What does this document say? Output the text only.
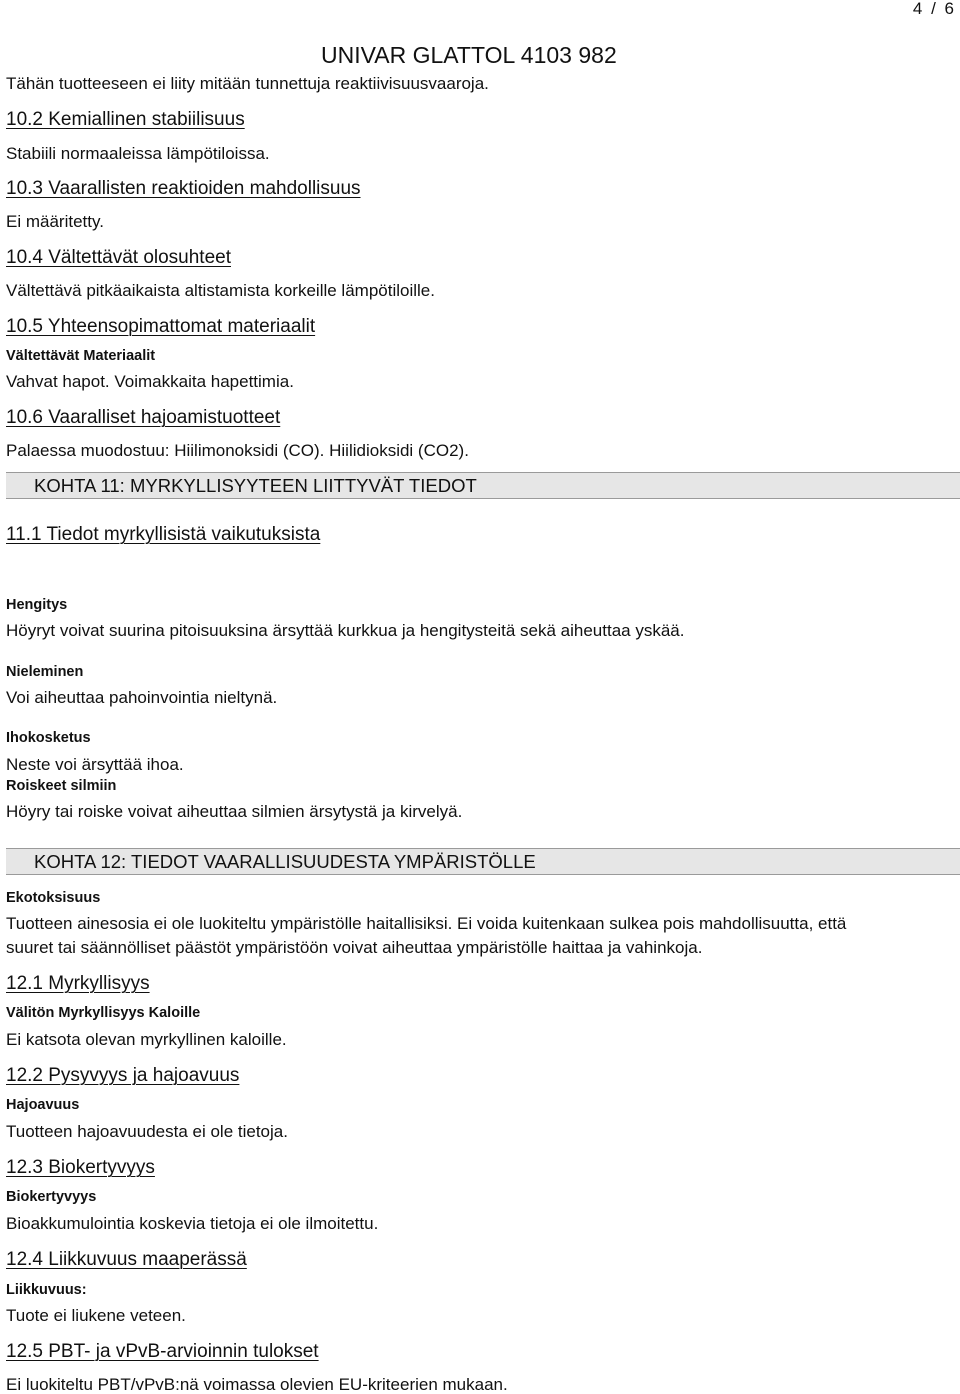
4 / 6
UNIVAR GLATTOL 4103 982
Tähän tuotteeseen ei liity mitään tunnettuja reaktiivisuusvaaroja.
10.2 Kemiallinen stabiilisuus
Stabiili normaaleissa lämpötiloissa.
10.3 Vaarallisten reaktioiden mahdollisuus
Ei määritetty.
10.4 Vältettävät olosuhteet
Vältettävä pitkäaikaista altistamista korkeille lämpötiloille.
10.5 Yhteensopimattomat materiaalit
Vältettävät Materiaalit
Vahvat hapot. Voimakkaita hapettimia.
10.6 Vaaralliset hajoamistuotteet
Palaessa muodostuu: Hiilimonoksidi (CO). Hiilidioksidi (CO2).
KOHTA 11: MYRKYLLISYYTEEN LIITTYVÄT TIEDOT
11.1 Tiedot myrkyllisistä vaikutuksista
Hengitys
Höyryt voivat suurina pitoisuuksina ärsyttää kurkkua ja hengitysteitä sekä aiheuttaa yskää.
Nieleminen
Voi aiheuttaa pahoinvointia nieltynä.
Ihokosketus
Neste voi ärsyttää ihoa.
Roiskeet silmiin
Höyry tai roiske voivat aiheuttaa silmien ärsytystä ja kirvelyä.
KOHTA 12: TIEDOT VAARALLISUUDESTA YMPÄRISTÖLLE
Ekotoksisuus
Tuotteen ainesosia ei ole luokiteltu ympäristölle haitallisiksi. Ei voida kuitenkaan sulkea pois mahdollisuutta, että
suuret tai säännölliset päästöt ympäristöön voivat aiheuttaa ympäristölle haittaa ja vahinkoja.
12.1 Myrkyllisyys
Välitön Myrkyllisyys Kaloille
Ei katsota olevan myrkyllinen kaloille.
12.2 Pysyvyys ja hajoavuus
Hajoavuus
Tuotteen hajoavuudesta ei ole tietoja.
12.3 Biokertyvyys
Biokertyvyys
Bioakkumulointia koskevia tietoja ei ole ilmoitettu.
12.4 Liikkuvuus maaperässä
Liikkuvuus:
Tuote ei liukene veteen.
12.5 PBT- ja vPvB-arvioinnin tulokset
Ei luokiteltu PBT/vPvB:nä voimassa olevien EU-kriteerien mukaan.
